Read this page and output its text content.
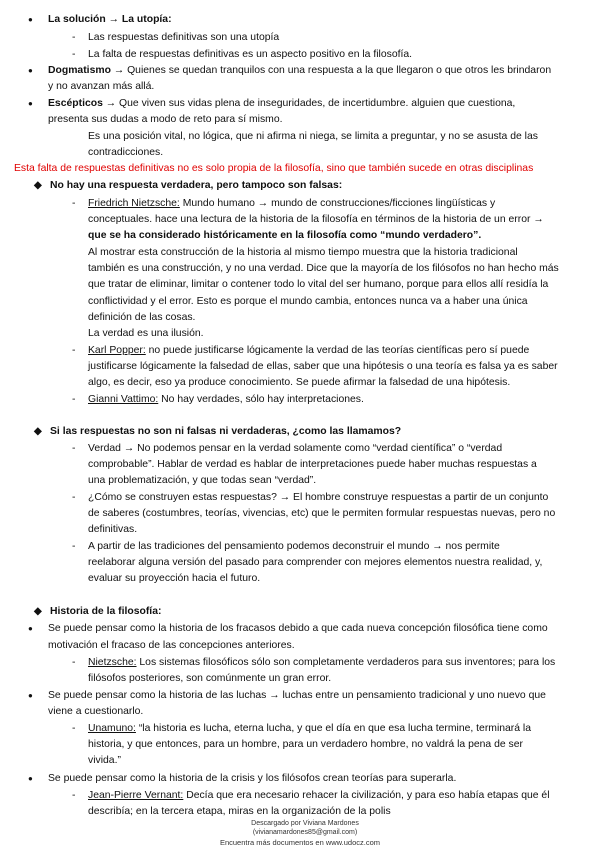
● La solución → La utopía:
- Las respuestas definitivas son una utopía
- La falta de respuestas definitivas es un aspecto positivo en la filosofía.
● Dogmatismo → Quienes se quedan tranquilos con una respuesta a la que llegaron o que otros les brindaron
y no avanzan más allá.
● Escépticos → Que viven sus vidas plena de inseguridades, de incertidumbre. alguien que cuestiona,
presenta sus dudas a modo de reto para sí mismo.
Es una posición vital, no lógica, que ni afirma ni niega, se limita a preguntar, y no se asusta de las
contradicciones.
Esta falta de respuestas definitivas no es solo propia de la filosofía, sino que también sucede en otras disciplinas
◆ No hay una respuesta verdadera, pero tampoco son falsas:
- Friedrich Nietzsche: Mundo humano → mundo de construcciones/ficciones lingüísticas y
conceptuales. hace una lectura de la historia de la filosofía en términos de la historia de un error →
que se ha considerado históricamente en la filosofía como “mundo verdadero”.
Al mostrar esta construcción de la historia al mismo tiempo muestra que la historia tradicional
también es una construcción, y no una verdad. Dice que la mayoría de los filósofos no han hecho más
que tratar de eliminar, limitar o contener todo lo vital del ser humano, porque para ellos allí residía la
conflictividad y el error. Esto es porque el mundo cambia, entonces nunca va a haber una única
definición de las cosas.
La verdad es una ilusión.
- Karl Popper: no puede justificarse lógicamente la verdad de las teorías científicas pero sí puede
justificarse lógicamente la falsedad de ellas, saber que una hipótesis o una teoría es falsa ya es saber
algo, es decir, eso ya produce conocimiento. Se puede afirmar la falsedad de una hipótesis.
- Gianni Vattimo: No hay verdades, sólo hay interpretaciones.
◆ Si las respuestas no son ni falsas ni verdaderas, ¿como las llamamos?
- Verdad → No podemos pensar en la verdad solamente como “verdad científica” o “verdad
comprobable”. Hablar de verdad es hablar de interpretaciones puede haber muchas respuestas a
una problematización, y que todas sean “verdad”.
- ¿Cómo se construyen estas respuestas? → El hombre construye respuestas a partir de un conjunto
de saberes (costumbres, teorías, vivencias, etc) que le permiten formular respuestas nuevas, pero no
definitivas.
- A partir de las tradiciones del pensamiento podemos deconstruir el mundo → nos permite
reelaborar alguna versión del pasado para comprender con mejores elementos nuestra realidad, y,
evaluar su proyección hacia el futuro.
◆ Historia de la filosofía:
● Se puede pensar como la historia de los fracasos debido a que cada nueva concepción filosófica tiene como
motivación el fracaso de las concepciones anteriores.
- Nietzsche: Los sistemas filosóficos sólo son completamente verdaderos para sus inventores; para los
filósofos posteriores, son comúnmente un gran error.
● Se puede pensar como la historia de las luchas → luchas entre un pensamiento tradicional y uno nuevo que
viene a cuestionarlo.
- Unamuno: “la historia es lucha, eterna lucha, y que el día en que esa lucha termine, terminará la
historia, y que entonces, para un hombre, para un verdadero hombre, no valdrá la pena de ser
vivida.”
● Se puede pensar como la historia de la crisis y los filósofos crean teorías para superarla.
- Jean-Pierre Vernant: Decía que era necesario rehacer la civilización, y para eso había etapas que él
describía; en la tercera etapa, miras en la organización de la polis
Descargado por Viviana Mardones
(vivianamardones85@gmail.com)
Encuentra más documentos en www.udocz.com
